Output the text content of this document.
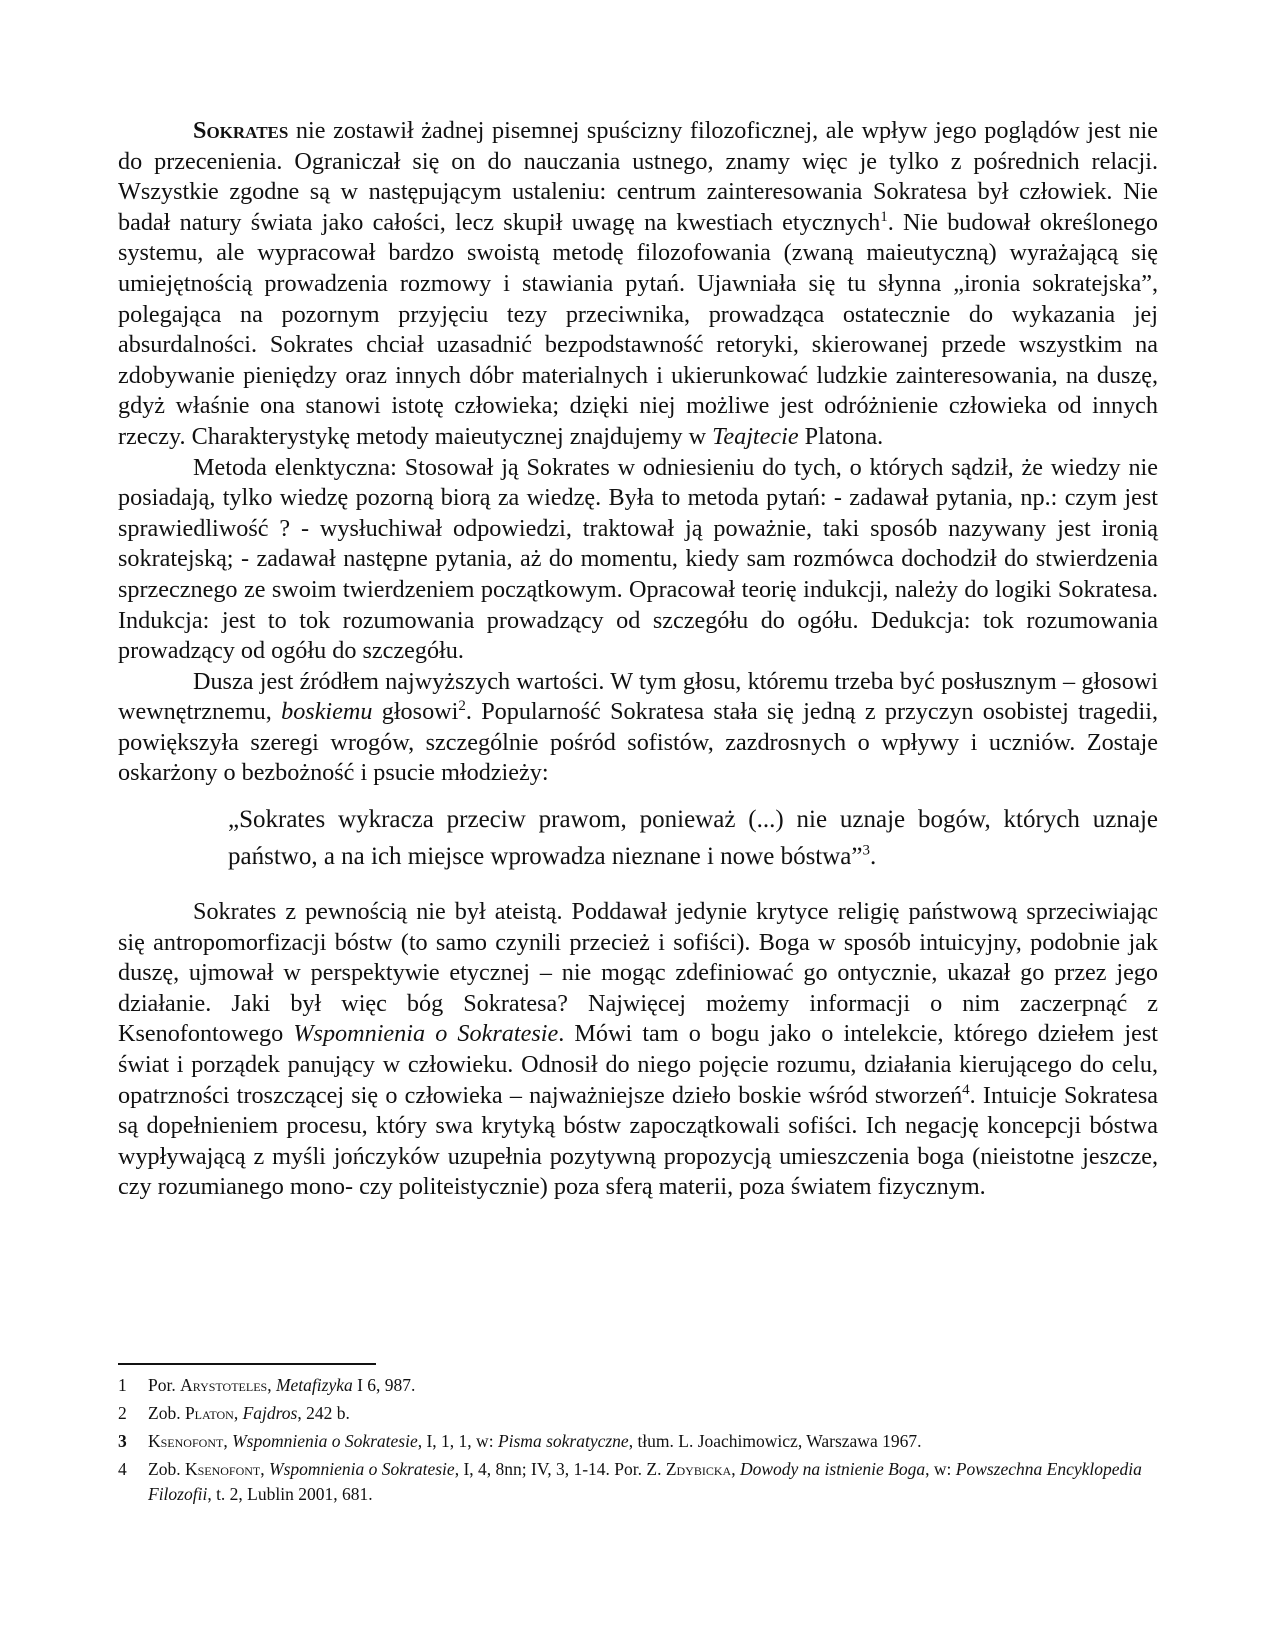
Sokrates nie zostawił żadnej pisemnej spuścizny filozoficznej, ale wpływ jego poglądów jest nie do przecenienia. Ograniczał się on do nauczania ustnego, znamy więc je tylko z pośrednich relacji. Wszystkie zgodne są w następującym ustaleniu: centrum zainteresowania Sokratesa był człowiek. Nie badał natury świata jako całości, lecz skupił uwagę na kwestiach etycznych$^1$. Nie budował określonego systemu, ale wypracował bardzo swoistą metodę filozofowania (zwaną maieutyczną) wyrażającą się umiejętnością prowadzenia rozmowy i stawiania pytań. Ujawniała się tu słynna „ironia sokratejska”, polegająca na pozornym przyjęciu tezy przeciwnika, prowadząca ostatecznie do wykazania jej absurdalności. Sokrates chciał uzasadnić bezpodstawność retoryki, skierowanej przede wszystkim na zdobywanie pieniędzy oraz innych dóbr materialnych i ukierunkować ludzkie zainteresowania, na duszę, gdyż właśnie ona stanowi istotę człowieka; dzięki niej możliwe jest odróżnienie człowieka od innych rzeczy. Charakterystykę metody maieutycznej znajdujemy w Teajtecie Platona.

Metoda elenktyczna: Stosował ją Sokrates w odniesieniu do tych, o których sądził, że wiedzy nie posiadają, tylko wiedzę pozorną biorą za wiedzę. Była to metoda pytań: - zadawał pytania, np.: czym jest sprawiedliwość ? - wysłuchiwał odpowiedzi, traktował ją poważnie, taki sposób nazywany jest ironią sokratejską; - zadawał następne pytania, aż do momentu, kiedy sam rozmówca dochodził do stwierdzenia sprzecznego ze swoim twierdzeniem początkowym. Opracował teorię indukcji, należy do logiki Sokratesa. Indukcja: jest to tok rozumowania prowadzący od szczegółu do ogółu. Dedukcja: tok rozumowania prowadzący od ogółu do szczegółu.

Dusza jest źródłem najwyższych wartości. W tym głosu, któremu trzeba być posłusznym – głosowi wewnętrznemu, boskiemu głosowi$^2$. Popularność Sokratesa stała się jedną z przyczyn osobistej tragedii, powiększyła szeregi wrogów, szczególnie pośród sofistów, zazdrosnych o wpływy i uczniów. Zostaje oskarżony o bezbożność i psucie młodzieży:

„Sokrates wykracza przeciw prawom, ponieważ (...) nie uznaje bogów, których uznaje państwo, a na ich miejsce wprowadza nieznane i nowe bóstwa”$^3$.

Sokrates z pewnością nie był ateistą. Poddawał jedynie krytyce religię państwową sprzeciwiając się antropomorfizacji bóstw (to samo czynili przecież i sofiści). Boga w sposób intuicyjny, podobnie jak duszę, ujmował w perspektywie etycznej – nie mogąc zdefiniować go ontycznie, ukazał go przez jego działanie. Jaki był więc bóg Sokratesa? Najwięcej możemy informacji o nim zaczerpnąć z Ksenofontowego Wspomnienia o Sokratesie. Mówi tam o bogu jako o intelekcie, którego dziełem jest świat i porządek panujący w człowieku. Odnosił do niego pojęcie rozumu, działania kierującego do celu, opatrzności troszczącej się o człowieka – najważniejsze dzieło boskie wśród stworzeń$^4$. Intuicje Sokratesa są dopełnieniem procesu, który swa krytyką bóstw zapoczątkowali sofiści. Ich negację koncepcji bóstwa wypływającą z myśli jończyków uzupełnia pozytywną propozycją umieszczenia boga (nieistotne jeszcze, czy rozumianego mono- czy politeistycznie) poza sferą materii, poza światem fizycznym.

1 Por. Arystoteles, Metafizyka I 6, 987.
2 Zob. Platon, Fajdros, 242 b.
3 Ksenofont, Wspomnienia o Sokratesie, I, 1, 1, w: Pisma sokratyczne, tłum. L. Joachimowicz, Warszawa 1967.
4 Zob. Ksenofont, Wspomnienia o Sokratesie, I, 4, 8nn; IV, 3, 1-14. Por. Z. Zdybicka, Dowody na istnienie Boga, w: Powszechna Encyklopedia Filozofii, t. 2, Lublin 2001, 681.
